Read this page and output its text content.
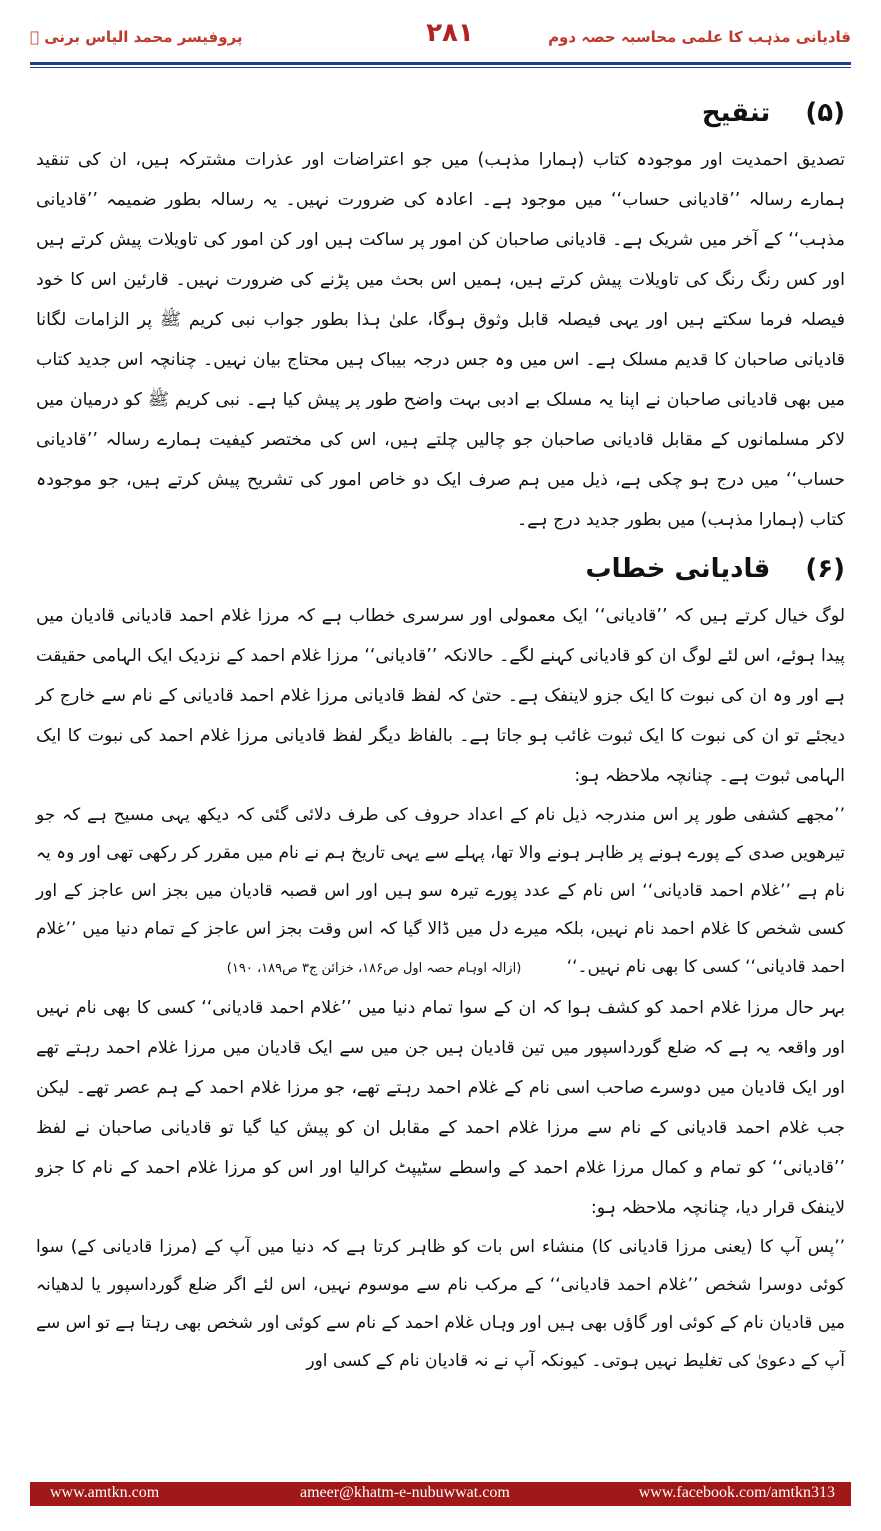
پروفیسر محمد الیاس برنی ﷫	۲۸۱	قادیانی مذہب کا علمی محاسبہ حصہ دوم
(۵) تنقیح

تصدیق احمدیت اور موجودہ کتاب (ہمارا مذہب) میں جو اعتراضات اور عذرات مشترکہ ہیں، ان کی تنقید ہمارے رسالہ ’’قادیانی حساب‘‘ میں موجود ہے۔ اعادہ کی ضرورت نہیں۔ یہ رسالہ بطور ضمیمہ ’’قادیانی مذہب‘‘ کے آخر میں شریک ہے۔ قادیانی صاحبان کن امور پر ساکت ہیں اور کن امور کی تاویلات پیش کرتے ہیں اور کس رنگ رنگ کی تاویلات پیش کرتے ہیں، ہمیں اس بحث میں پڑنے کی ضرورت نہیں۔ قارئین اس کا خود فیصلہ فرما سکتے ہیں اور یہی فیصلہ قابل وثوق ہوگا، علیٰ ہذا بطور جواب نبی کریم ﷺ پر الزامات لگانا قادیانی صاحبان کا قدیم مسلک ہے۔ اس میں وہ جس درجہ بیباک ہیں محتاج بیان نہیں۔ چنانچہ اس جدید کتاب میں بھی قادیانی صاحبان نے اپنا یہ مسلک بے ادبی بہت واضح طور پر پیش کیا ہے۔ نبی کریم ﷺ کو درمیان میں لاکر مسلمانوں کے مقابل قادیانی صاحبان جو چالیں چلتے ہیں، اس کی مختصر کیفیت ہمارے رسالہ ’’قادیانی حساب‘‘ میں درج ہو چکی ہے، ذیل میں ہم صرف ایک دو خاص امور کی تشریح پیش کرتے ہیں، جو موجودہ کتاب (ہمارا مذہب) میں بطور جدید درج ہے۔

(۶) قادیانی خطاب

لوگ خیال کرتے ہیں کہ ’’قادیانی‘‘ ایک معمولی اور سرسری خطاب ہے کہ مرزا غلام احمد قادیانی قادیان میں پیدا ہوئے، اس لئے لوگ ان کو قادیانی کہنے لگے۔ حالانکہ ’’قادیانی‘‘ مرزا غلام احمد کے نزدیک ایک الہامی حقیقت ہے اور وہ ان کی نبوت کا ایک جزو لاینفک ہے۔ حتیٰ کہ لفظ قادیانی مرزا غلام احمد قادیانی کے نام سے خارج کر دیجئے تو ان کی نبوت کا ایک ثبوت غائب ہو جاتا ہے۔ بالفاظ دیگر لفظ قادیانی مرزا غلام احمد کی نبوت کا ایک الہامی ثبوت ہے۔ چنانچہ ملاحظہ ہو:

’’مجھے کشفی طور پر اس مندرجہ ذیل نام کے اعداد حروف کی طرف دلائی گئی کہ دیکھ یہی مسیح ہے کہ جو تیرھویں صدی کے پورے ہونے پر ظاہر ہونے والا تھا، پہلے سے یہی تاریخ ہم نے نام میں مقرر کر رکھی تھی اور وہ یہ نام ہے ’’غلام احمد قادیانی‘‘ اس نام کے عدد پورے تیرہ سو ہیں اور اس قصبہ قادیان میں بجز اس عاجز کے اور کسی شخص کا غلام احمد نام نہیں، بلکہ میرے دل میں ڈالا گیا کہ اس وقت بجز اس عاجز کے تمام دنیا میں ’’غلام احمد قادیانی‘‘ کسی کا بھی نام نہیں۔‘‘ (ازالہ اوہام حصہ اول ص۱۸۶، خزائن ج۳ ص۱۸۹، ۱۹۰)

بہر حال مرزا غلام احمد کو کشف ہوا کہ ان کے سوا تمام دنیا میں ’’غلام احمد قادیانی‘‘ کسی کا بھی نام نہیں اور واقعہ یہ ہے کہ ضلع گورداسپور میں تین قادیان ہیں جن میں سے ایک قادیان میں مرزا غلام احمد رہتے تھے اور ایک قادیان میں دوسرے صاحب اسی نام کے غلام احمد رہتے تھے، جو مرزا غلام احمد کے ہم عصر تھے۔ لیکن جب غلام احمد قادیانی کے نام سے مرزا غلام احمد کے مقابل ان کو پیش کیا گیا تو قادیانی صاحبان نے لفظ ’’قادیانی‘‘ کو تمام و کمال مرزا غلام احمد کے واسطے سٹیپٹ کرالیا اور اس کو مرزا غلام احمد کے نام کا جزو لاینفک قرار دیا، چنانچہ ملاحظہ ہو:

’’پس آپ کا (یعنی مرزا قادیانی کا) منشاء اس بات کو ظاہر کرتا ہے کہ دنیا میں آپ کے (مرزا قادیانی کے) سوا کوئی دوسرا شخص ’’غلام احمد قادیانی‘‘ کے مرکب نام سے موسوم نہیں، اس لئے اگر ضلع گورداسپور یا لدھیانہ میں قادیان نام کے کوئی اور گاؤں بھی ہیں اور وہاں غلام احمد کے نام سے کوئی اور شخص بھی رہتا ہے تو اس سے آپ کے دعویٰ کی تغلیط نہیں ہوتی۔ کیونکہ آپ نے نہ قادیان نام کے کسی اور

www.amtkn.com	ameer@khatm-e-nubuwwat.com	www.facebook.com/amtkn313
